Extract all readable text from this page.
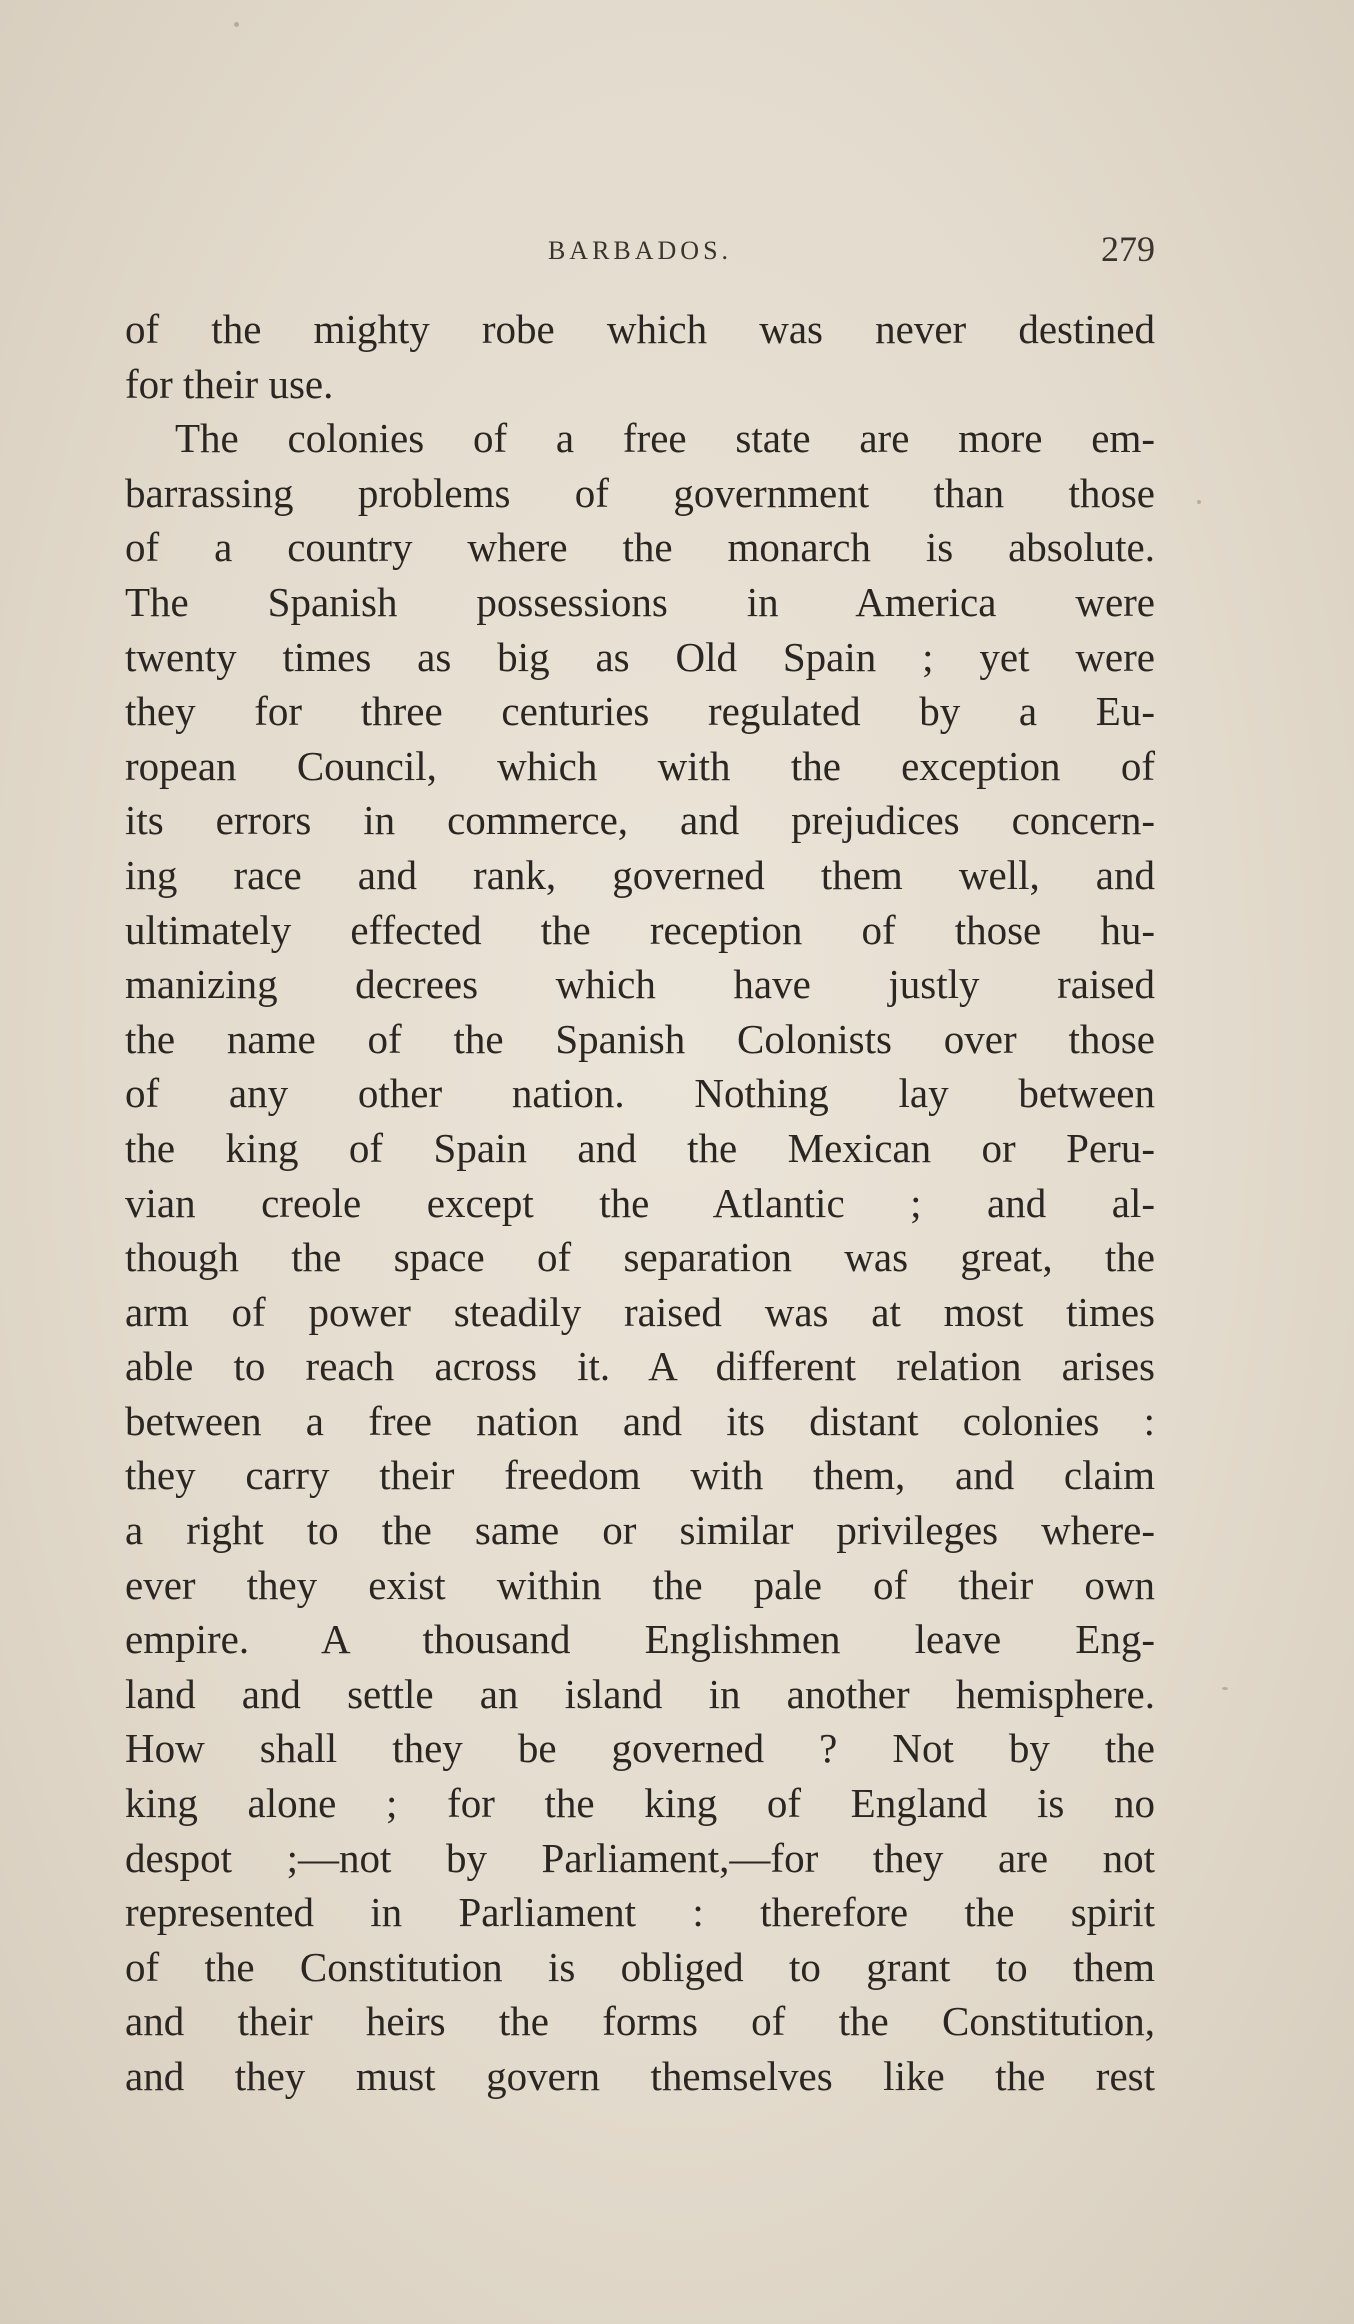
BARBADOS.	279
of the mighty robe which was never destined
for their use.
The colonies of a free state are more em-
barrassing problems of government than those
of a country where the monarch is absolute.
The Spanish possessions in America were
twenty times as big as Old Spain ; yet were
they for three centuries regulated by a Eu-
ropean Council, which with the exception of
its errors in commerce, and prejudices concern-
ing race and rank, governed them well, and
ultimately effected the reception of those hu-
manizing decrees which have justly raised
the name of the Spanish Colonists over those
of any other nation. Nothing lay between
the king of Spain and the Mexican or Peru-
vian creole except the Atlantic ; and al-
though the space of separation was great, the
arm of power steadily raised was at most times
able to reach across it. A different relation arises
between a free nation and its distant colonies :
they carry their freedom with them, and claim
a right to the same or similar privileges where-
ever they exist within the pale of their own
empire. A thousand Englishmen leave Eng-
land and settle an island in another hemisphere.
How shall they be governed ? Not by the
king alone ; for the king of England is no
despot ;—not by Parliament,—for they are not
represented in Parliament : therefore the spirit
of the Constitution is obliged to grant to them
and their heirs the forms of the Constitution,
and they must govern themselves like the rest
